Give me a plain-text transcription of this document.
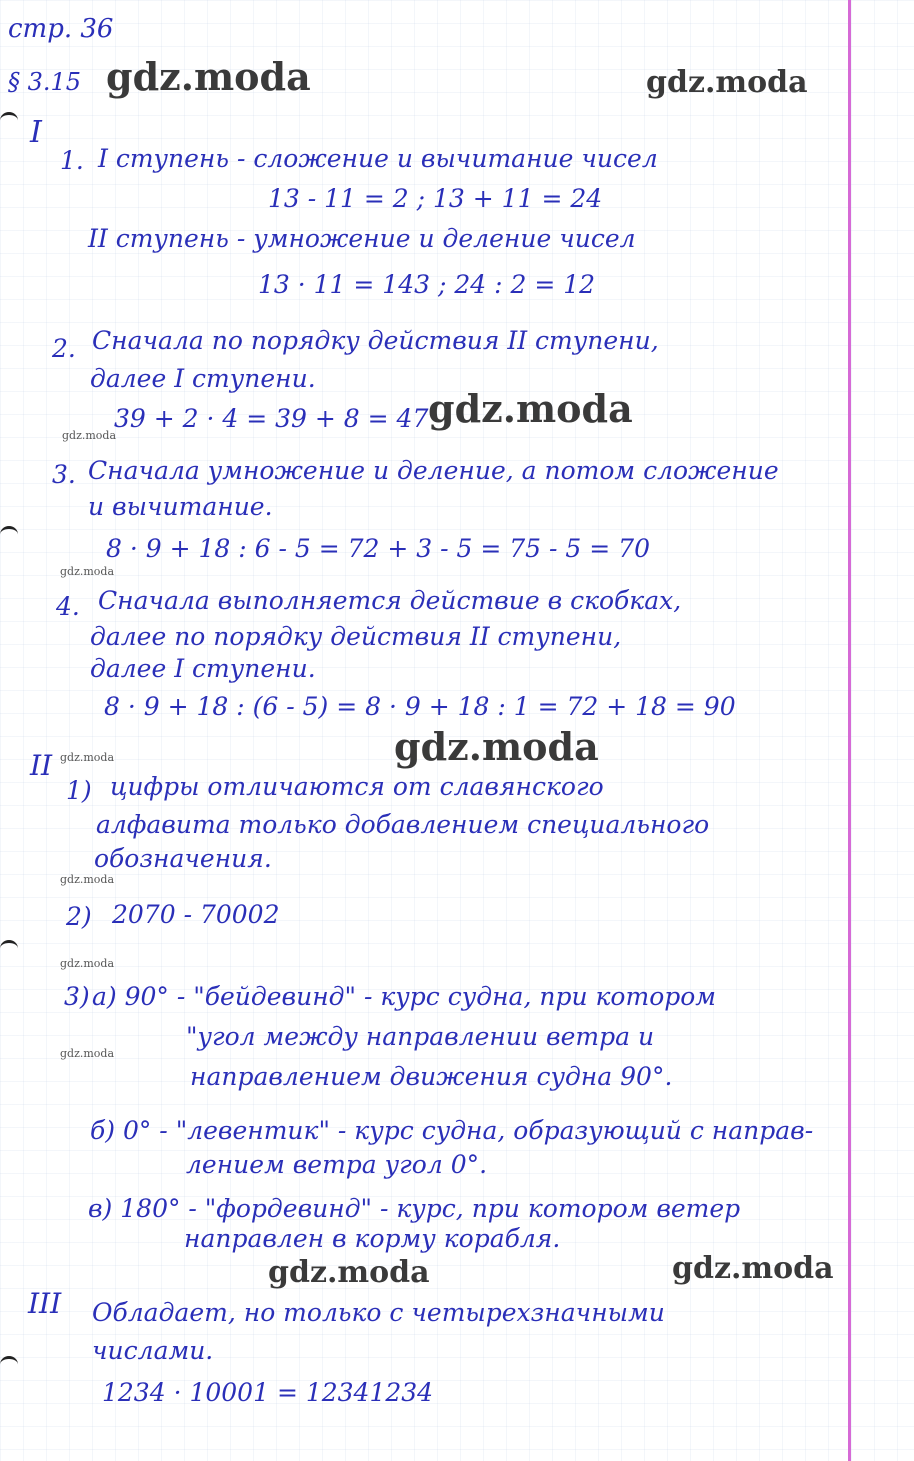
стр. 36
§ 3.15 gdz.moda	gdz.moda
gdz.moda
gdz.moda
gdz.moda	gdz.moda
gdz.moda
gdz.moda
gdz.moda
gdz.moda
gdz.moda
gdz.moda
I
1. I ступень - сложение и вычитание чисел
13 - 11 = 2 ; 13 + 11 = 24
II ступень - умножение и деление чисел
13 · 11 = 143 ; 24 : 2 = 12
2. Сначала по порядку действия II ступени,
далее I ступени.
39 + 2 · 4 = 39 + 8 = 47
3. Сначала умножение и деление, а потом сложение
и вычитание.
8 · 9 + 18 : 6 - 5 = 72 + 3 - 5 = 75 - 5 = 70
4. Сначала выполняется действие в скобках,
далее по порядку действия II ступени,
далее I ступени.
8 · 9 + 18 : (6 - 5) = 8 · 9 + 18 : 1 = 72 + 18 = 90
II
1) цифры отличаются от славянского
алфавита только добавлением специального
обозначения.
2) 2070 - 70002
3) а) 90° - "бейдевинд" - курс судна, при котором
"угол между направлении ветра и
направлением движения судна 90°.
б) 0° - "левентик" - курс судна, образующий с направ-
лением ветра угол 0°.
в) 180° - "фордевинд" - курс, при котором ветер
направлен в корму корабля.
III Обладает, но только с четырехзначными
числами.
1234 · 10001 = 12341234
